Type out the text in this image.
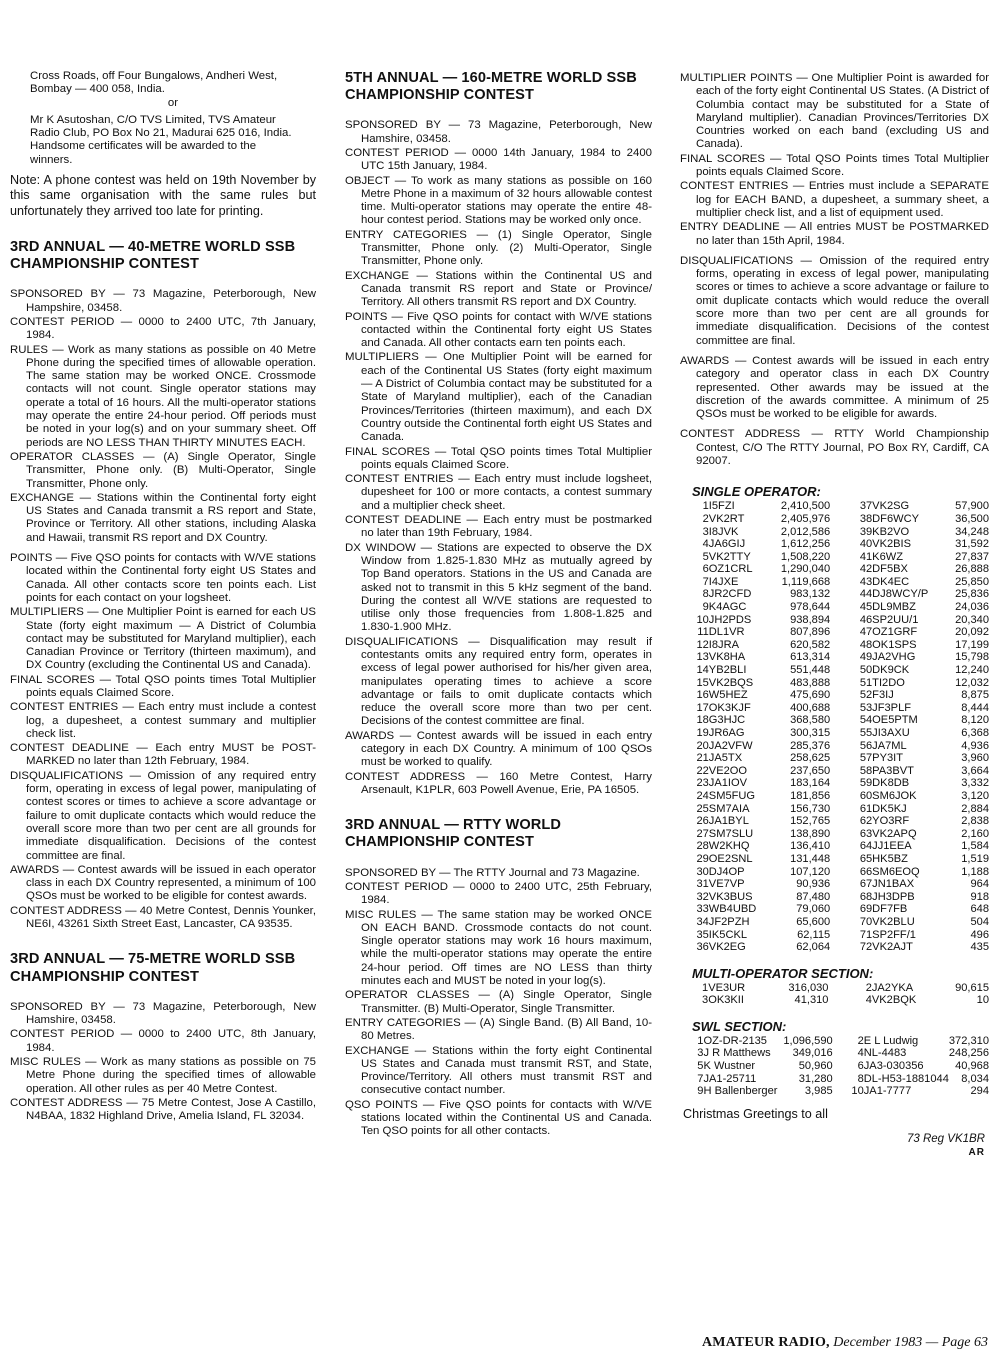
Cross Roads, off Four Bungalows, Andheri West,
Bombay — 400 058, India.
or
Mr K Asutoshan, C/O TVS Limited, TVS Amateur
Radio Club, PO Box No 21, Madurai 625 016, India.
Handsome certificates will be awarded to the
winners.

Note: A phone contest was held on 19th November by this same organisation with the same rules but unfortunately they arrived too late for printing.

3RD ANNUAL — 40-METRE WORLD SSB CHAMPIONSHIP CONTEST

SPONSORED BY — 73 Magazine, Peterborough, New Hampshire, 03458.

CONTEST PERIOD — 0000 to 2400 UTC, 7th January, 1984.

RULES — Work as many stations as possible on 40 Metre Phone during the specified times of allowable operation. The same station may be worked ONCE. Crossmode contacts will not count. Single operator stations may operate a total of 16 hours. All the multi-operator stations may operate the entire 24-hour period. Off periods must be noted in your log(s) and on your summary sheet. Off periods are NO LESS THAN THIRTY MINUTES EACH.

OPERATOR CLASSES — (A) Single Operator, Single Transmitter, Phone only. (B) Multi-Operator, Single Transmitter, Phone only.

EXCHANGE — Stations within the Continental forty eight US States and Canada transmit a RS report and State, Province or Territory. All other stations, including Alaska and Hawaii, transmit RS report and DX Country.

POINTS — Five QSO points for contacts with W/VE stations located within the Continental forty eight US States and Canada. All other contacts score ten points each. List points for each contact on your logsheet.

MULTIPLIERS — One Multiplier Point is earned for each US State (forty eight maximum — A District of Columbia contact may be substituted for Maryland multiplier), each Canadian Province or Territory (thirteen maximum), and DX Country (excluding the Continental US and Canada).

FINAL SCORES — Total QSO points times Total Multiplier points equals Claimed Score.

CONTEST ENTRIES — Each entry must include a contest log, a dupesheet, a contest summary and multiplier check list.

CONTEST DEADLINE — Each entry MUST be POST-MARKED no later than 12th February, 1984.

DISQUALIFICATIONS — Omission of any required entry form, operating in excess of legal power, manipulating of contest scores or times to achieve a score advantage or failure to omit duplicate contacts which would reduce the overall score more than two per cent are all grounds for immediate disqualification. Decisions of the contest committee are final.

AWARDS — Contest awards will be issued in each operator class in each DX Country represented, a minimum of 100 QSOs must be worked to be eligible for contest awards.

CONTEST ADDRESS — 40 Metre Contest, Dennis Younker, NE6I, 43261 Sixth Street East, Lancaster, CA 93535.

3RD ANNUAL — 75-METRE WORLD SSB CHAMPIONSHIP CONTEST

SPONSORED BY — 73 Magazine, Peterborough, New Hamshire, 03458.

CONTEST PERIOD — 0000 to 2400 UTC, 8th January, 1984.

MISC RULES — Work as many stations as possible on 75 Metre Phone during the specified times of allowable operation. All other rules as per 40 Metre Contest.

CONTEST ADDRESS — 75 Metre Contest, Jose A Castillo, N4BAA, 1832 Highland Drive, Amelia Island, FL 32034.

5TH ANNUAL — 160-METRE WORLD SSB CHAMPIONSHIP CONTEST

SPONSORED BY — 73 Magazine, Peterborough, New Hamshire, 03458.

CONTEST PERIOD — 0000 14th January, 1984 to 2400 UTC 15th January, 1984.

OBJECT — To work as many stations as possible on 160 Metre Phone in a maximum of 32 hours allowable contest time. Multi-operator stations may operate the entire 48-hour contest period. Stations may be worked only once.

ENTRY CATEGORIES — (1) Single Operator, Single Transmitter, Phone only. (2) Multi-Operator, Single Transmitter, Phone only.

EXCHANGE — Stations within the Continental US and Canada transmit RS report and State or Province/ Territory. All others transmit RS report and DX Country.

POINTS — Five QSO points for contact with W/VE stations contacted within the Continental forty eight US States and Canada. All other contacts earn ten points each.

MULTIPLIERS — One Multiplier Point will be earned for each of the Continental US States (forty eight maximum — A District of Columbia contact may be substituted for a State of Maryland multiplier), each of the Canadian Provinces/Territories (thirteen maximum), and each DX Country outside the Continental forth eight US States and Canada.

FINAL SCORES — Total QSO points times Total Multiplier points equals Claimed Score.

CONTEST ENTRIES — Each entry must include logsheet, dupesheet for 100 or more contacts, a contest summary and a multiplier check sheet.

CONTEST DEADLINE — Each entry must be postmarked no later than 19th February, 1984.

DX WINDOW — Stations are expected to observe the DX Window from 1.825-1.830 MHz as mutually agreed by Top Band operators. Stations in the US and Canada are asked not to transmit in this 5 kHz segment of the band. During the contest all W/VE stations are requested to utilise only those frequencies from 1.808-1.825 and 1.830-1.900 MHz.

DISQUALIFICATIONS — Disqualification may result if contestants omits any required entry form, operates in excess of legal power authorised for his/her given area, manipulates operating times to achieve a score advantage or fails to omit duplicate contacts which reduce the overall score more than two per cent. Decisions of the contest committee are final.

AWARDS — Contest awards will be issued in each entry category in each DX Country. A minimum of 100 QSOs must be worked to qualify.

CONTEST ADDRESS — 160 Metre Contest, Harry Arsenault, K1PLR, 603 Powell Avenue, Erie, PA 16505.

3RD ANNUAL — RTTY WORLD CHAMPIONSHIP CONTEST

SPONSORED BY — The RTTY Journal and 73 Magazine.

CONTEST PERIOD — 0000 to 2400 UTC, 25th February, 1984.

MISC RULES — The same station may be worked ONCE ON EACH BAND. Crossmode contacts do not count. Single operator stations may work 16 hours maximum, while the multi-operator stations may operate the entire 24-hour period. Off times are NO LESS than thirty minutes each and MUST be noted in your log(s).

OPERATOR CLASSES — (A) Single Operator, Single Transmitter. (B) Multi-Operator, Single Transmitter.

ENTRY CATEGORIES — (A) Single Band. (B) All Band, 10-80 Metres.

EXCHANGE — Stations within the forty eight Continental US States and Canada must transmit RST, and State, Province/Territory. All others must transmit RST and consecutive contact number.

QSO POINTS — Five QSO points for contacts with W/VE stations located within the Continental US and Canada. Ten QSO points for all other contacts.

MULTIPLIER POINTS — One Multiplier Point is awarded for each of the forty eight Continental US States. (A District of Columbia contact may be substituted for a State of Maryland multiplier). Canadian Provinces/Territories DX Countries worked on each band (excluding US and Canada).

FINAL SCORES — Total QSO Points times Total Multiplier points equals Claimed Score.

CONTEST ENTRIES — Entries must include a SEPARATE log for EACH BAND, a dupesheet, a summary sheet, a multiplier check list, and a list of equipment used.

ENTRY DEADLINE — All entries MUST be POSTMARKED no later than 15th April, 1984.

DISQUALIFICATIONS — Omission of the required entry forms, operating in excess of legal power, manipulating scores or times to achieve a score advantage or failure to omit duplicate contacts which would reduce the overall score more than two per cent are all grounds for immediate disqualification. Decisions of the contest committee are final.

AWARDS — Contest awards will be issued in each entry category and operator class in each DX Country represented. Other awards may be issued at the discretion of the awards committee. A minimum of 25 QSOs must be worked to be eligible for awards.

CONTEST ADDRESS — RTTY World Championship Contest, C/O The RTTY Journal, PO Box RY, Cardiff, CA 92007.

SINGLE OPERATOR:
1	I5FZI	2,410,500	37	VK2SG	57,900
2	VK2RT	2,405,976	38	DF6WCY	36,500
3	I8JVK	2,012,586	39	KB2VO	34,248
4	JA6GIJ	1,612,256	40	VK2BIS	31,592
5	VK2TTY	1,508,220	41	K6WZ	27,837
6	OZ1CRL	1,290,040	42	DF5BX	26,888
7	I4JXE	1,119,668	43	DK4EC	25,850
8	JR2CFD	983,132	44	DJ8WCY/P	25,836
9	K4AGC	978,644	45	DL9MBZ	24,036
10	JH2PDS	938,894	46	SP2UU/1	20,340
11	DL1VR	807,896	47	OZ1GRF	20,092
12	I8JRA	620,582	48	OK1SPS	17,199
13	VK8HA	613,314	49	JA2VHG	15,798
14	YB2BLI	551,448	50	DK9CK	12,240
15	VK2BQS	483,888	51	TI2DO	12,032
16	W5HEZ	475,690	52	F3IJ	8,875
17	OK3KJF	400,688	53	JF3PLF	8,444
18	G3HJC	368,580	54	OE5PTM	8,120
19	JR6AG	300,315	55	JI3AXU	6,368
20	JA2VFW	285,376	56	JA7ML	4,936
21	JA5TX	258,625	57	PY3IT	3,960
22	VE2OO	237,650	58	PA3BVT	3,664
23	JA1IOV	183,164	59	DK8DB	3,332
24	SM5FUG	181,856	60	SM6JOK	3,120
25	SM7AIA	156,730	61	DK5KJ	2,884
26	JA1BYL	152,765	62	YO3RF	2,838
27	SM7SLU	138,890	63	VK2APQ	2,160
28	W2KHQ	136,410	64	JJ1EEA	1,584
29	OE2SNL	131,448	65	HK5BZ	1,519
30	DJ4OP	107,120	66	SM6EOQ	1,188
31	VE7VP	90,936	67	JN1BAX	964
32	VK3BUS	87,480	68	JH3DPB	918
33	WB4UBD	79,060	69	DF7FB	648
34	JF2PZH	65,600	70	VK2BLU	504
35	IK5CKL	62,115	71	SP2FF/1	496
36	VK2EG	62,064	72	VK2AJT	435
MULTI-OPERATOR SECTION:
1	VE3UR	316,030	2	JA2YKA	90,615
3	OK3KII	41,310	4	VK2BQK	10
SWL SECTION:
1	OZ-DR-2135	1,096,590	2	E L Ludwig	372,310
3	J R Matthews	349,016	4	NL-4483	248,256
5	K Wustner	50,960	6	JA3-030356	40,968
7	JA1-25711	31,280	8	DL-H53-1881044	8,034
9	H Ballenberger	3,985	10	JA1-7777	294
Christmas Greetings to all
73 Reg VK1BR
AR
AMATEUR RADIO, December 1983 — Page 63
